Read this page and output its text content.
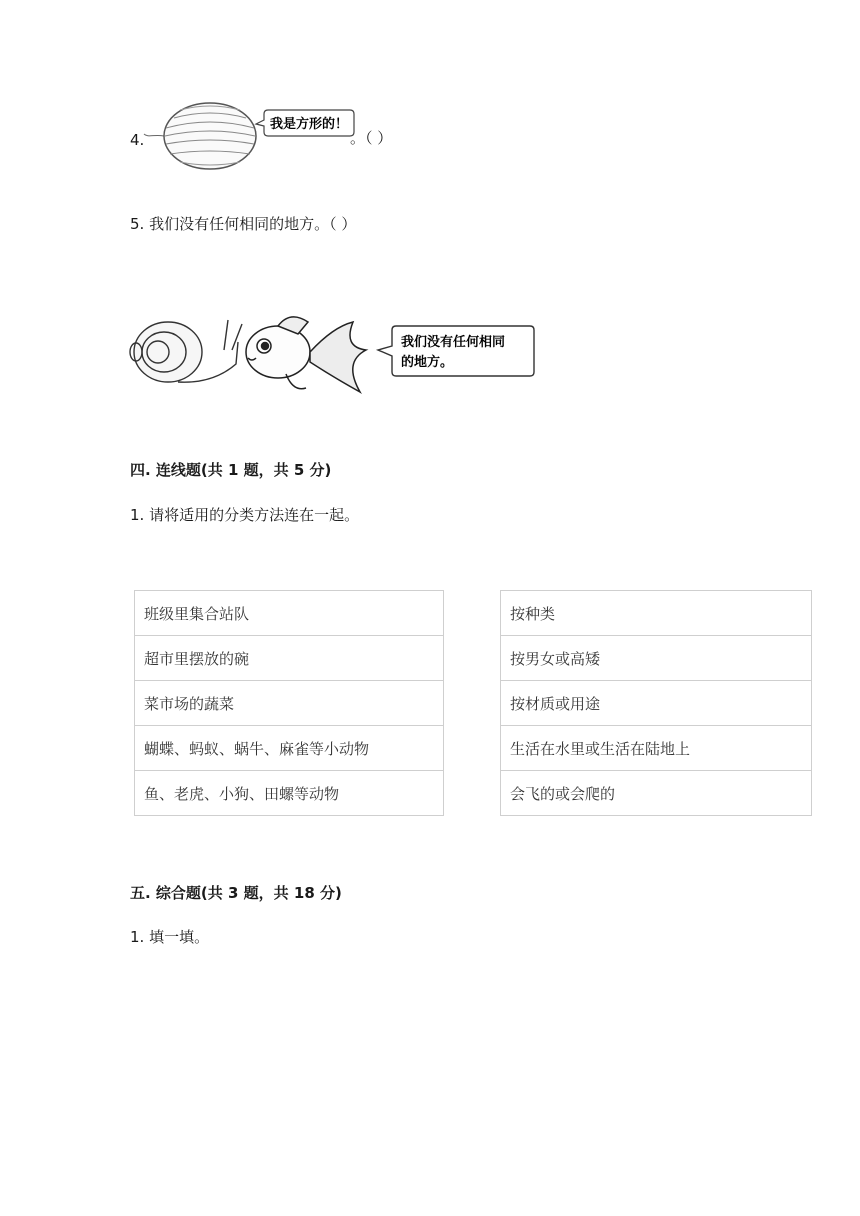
4.
我是方形的！
。（ ）
5. 我们没有任何相同的地方。（ ）
我们没有任何相同
的地方。
四. 连线题(共 1 题，共 5 分)
1. 请将适用的分类方法连在一起。
班级里集合站队
超市里摆放的碗
菜市场的蔬菜
蝴蝶、蚂蚁、蜗牛、麻雀等小动物
鱼、老虎、小狗、田螺等动物
按种类
按男女或高矮
按材质或用途
生活在水里或生活在陆地上
会飞的或会爬的
五. 综合题(共 3 题，共 18 分)
1. 填一填。
